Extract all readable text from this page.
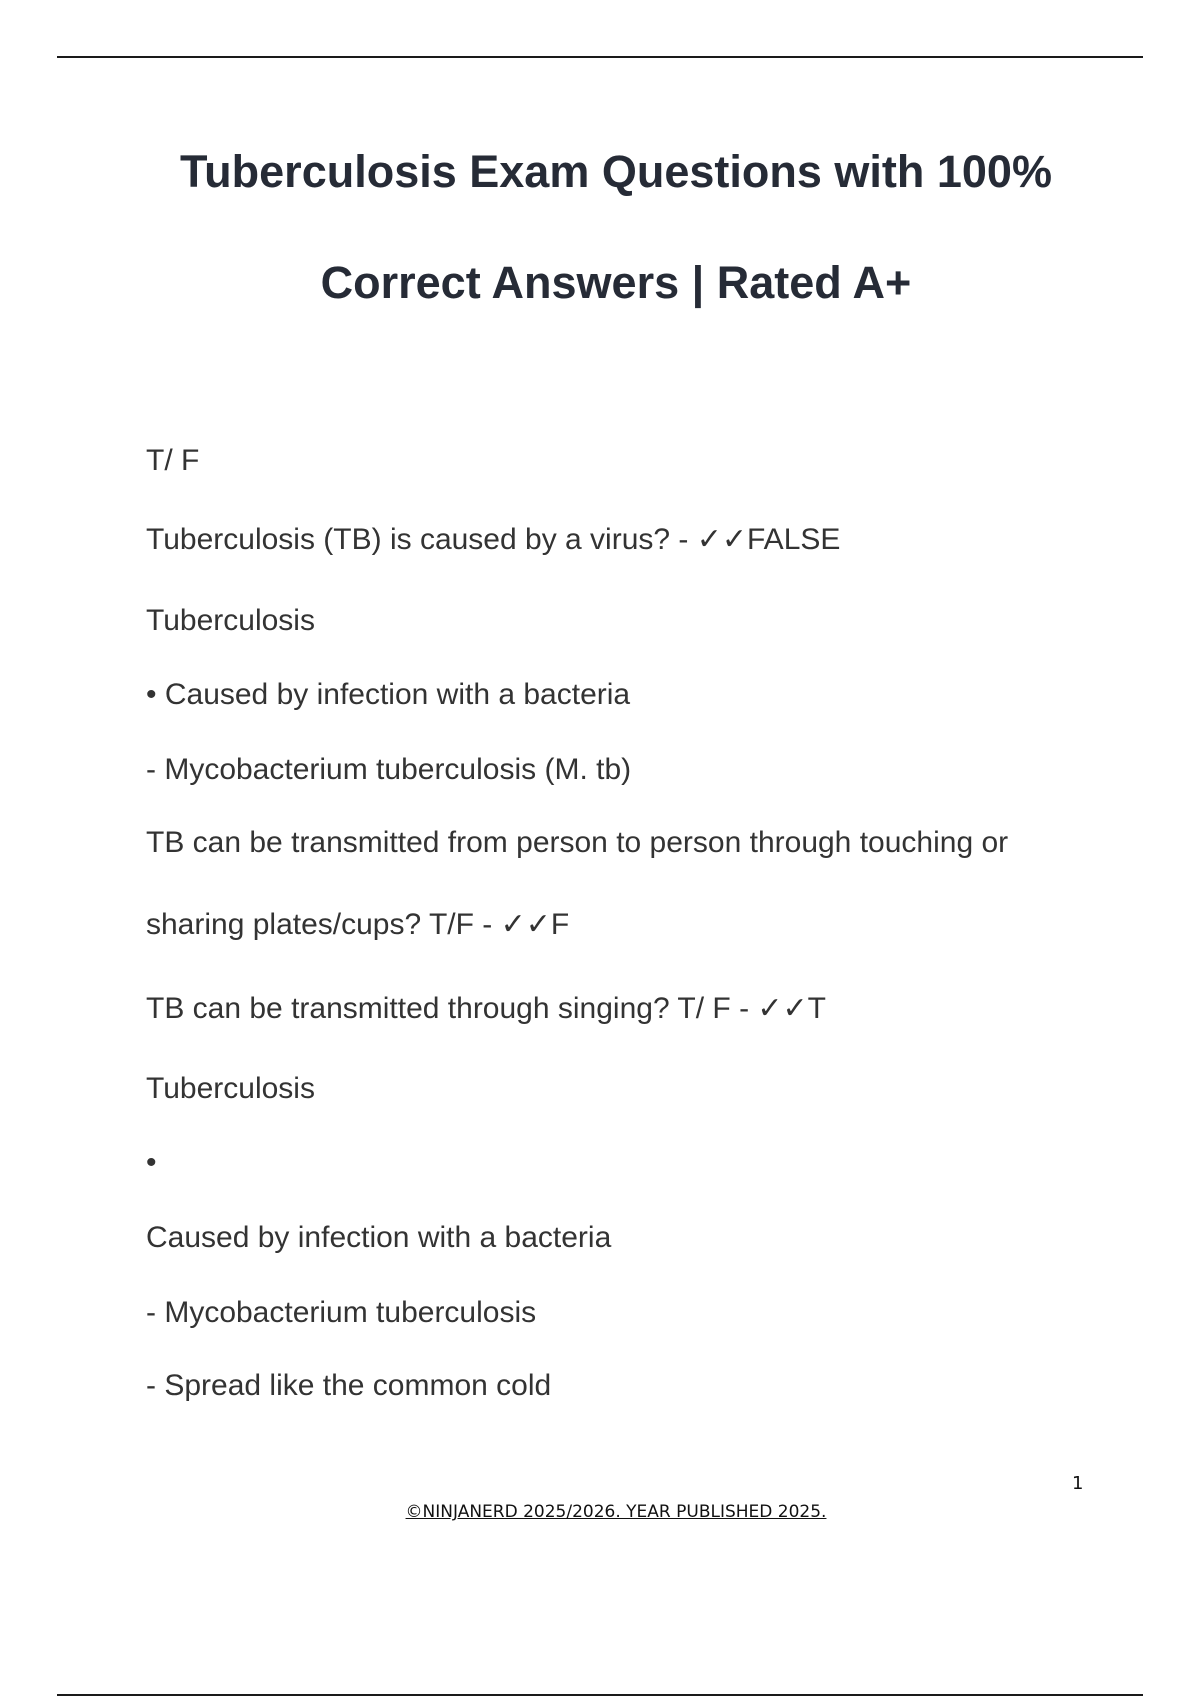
Tuberculosis Exam Questions with 100%
Correct Answers | Rated A+

T/ F

Tuberculosis (TB) is caused by a virus? - ✓✓FALSE

Tuberculosis

• Caused by infection with a bacteria

- Mycobacterium tuberculosis (M. tb)

TB can be transmitted from person to person through touching or

sharing plates/cups? T/F - ✓✓F

TB can be transmitted through singing? T/ F - ✓✓T

Tuberculosis

•

Caused by infection with a bacteria

- Mycobacterium tuberculosis

- Spread like the common cold

1
©NINJANERD 2025/2026. YEAR PUBLISHED 2025.
